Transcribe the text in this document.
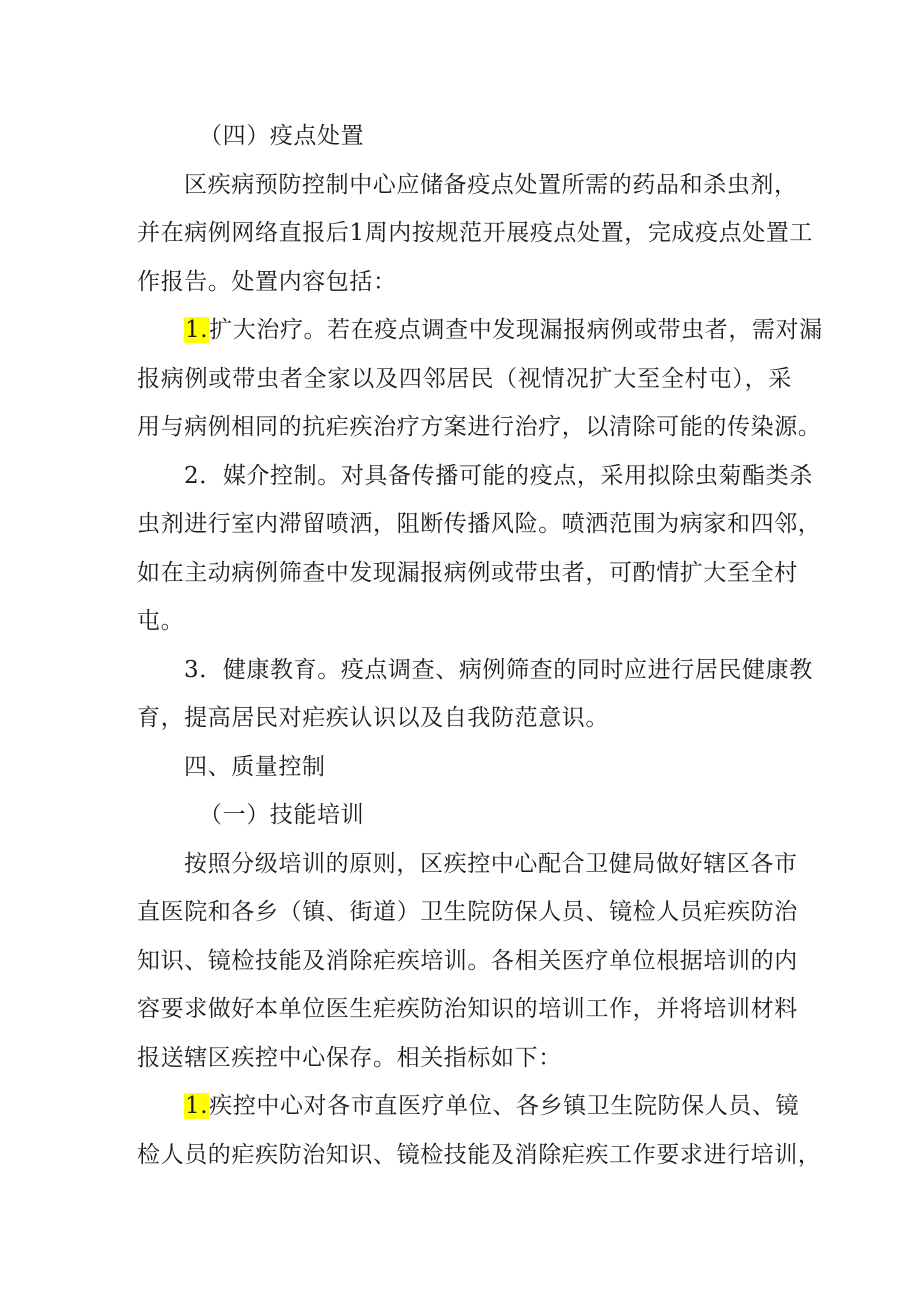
（四）疫点处置
区疾病预防控制中心应储备疫点处置所需的药品和杀虫剂，
并在病例网络直报后1周内按规范开展疫点处置，完成疫点处置工
作报告。处置内容包括：
1.扩大治疗。若在疫点调查中发现漏报病例或带虫者，需对漏
报病例或带虫者全家以及四邻居民（视情况扩大至全村屯），采
用与病例相同的抗疟疾治疗方案进行治疗，以清除可能的传染源。
2．媒介控制。对具备传播可能的疫点，采用拟除虫菊酯类杀
虫剂进行室内滞留喷洒，阻断传播风险。喷洒范围为病家和四邻，
如在主动病例筛查中发现漏报病例或带虫者，可酌情扩大至全村
屯。
3．健康教育。疫点调查、病例筛查的同时应进行居民健康教
育，提高居民对疟疾认识以及自我防范意识。
四、质量控制
（一）技能培训
按照分级培训的原则，区疾控中心配合卫健局做好辖区各市
直医院和各乡（镇、街道）卫生院防保人员、镜检人员疟疾防治
知识、镜检技能及消除疟疾培训。各相关医疗单位根据培训的内
容要求做好本单位医生疟疾防治知识的培训工作，并将培训材料
报送辖区疾控中心保存。相关指标如下：
1.疾控中心对各市直医疗单位、各乡镇卫生院防保人员、镜
检人员的疟疾防治知识、镜检技能及消除疟疾工作要求进行培训，
